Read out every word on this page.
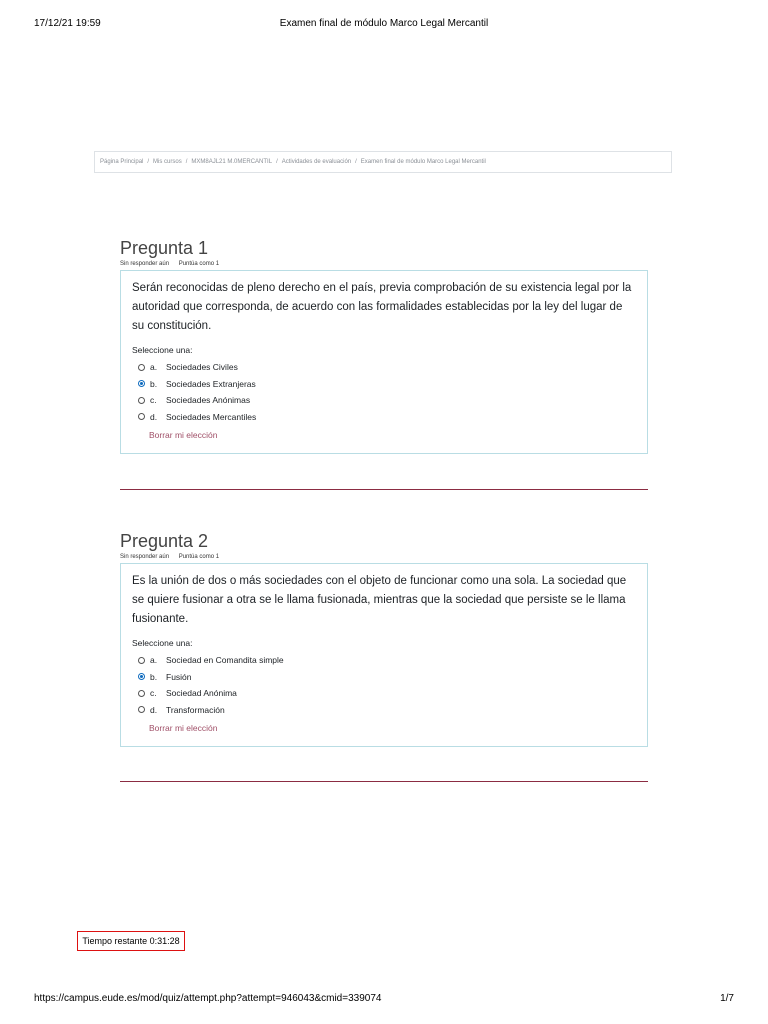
17/12/21 19:59	Examen final de módulo Marco Legal Mercantil
Página Principal / Mis cursos / MXM8AJL21 M.0MERCANTIL / Actividades de evaluación / Examen final de módulo Marco Legal Mercantil
Pregunta 1
Sin responder aún Puntúa como 1

Serán reconocidas de pleno derecho en el país, previa comprobación de su existencia legal por la autoridad que corresponda, de acuerdo con las formalidades establecidas por la ley del lugar de su constitución.

Seleccione una:
a.	Sociedades Civiles
b.	Sociedades Extranjeras
c.	Sociedades Anónimas
d.	Sociedades Mercantiles
Borrar mi elección
Pregunta 2
Sin responder aún Puntúa como 1

Es la unión de dos o más sociedades con el objeto de funcionar como una sola. La sociedad que se quiere fusionar a otra se le llama fusionada, mientras que la sociedad que persiste se le llama fusionante.

Seleccione una:
a.	Sociedad en Comandita simple
b.	Fusión
c.	Sociedad Anónima
d.	Transformación
Borrar mi elección
Tiempo restante 0:31:28
https://campus.eude.es/mod/quiz/attempt.php?attempt=946043&cmid=339074	1/7
